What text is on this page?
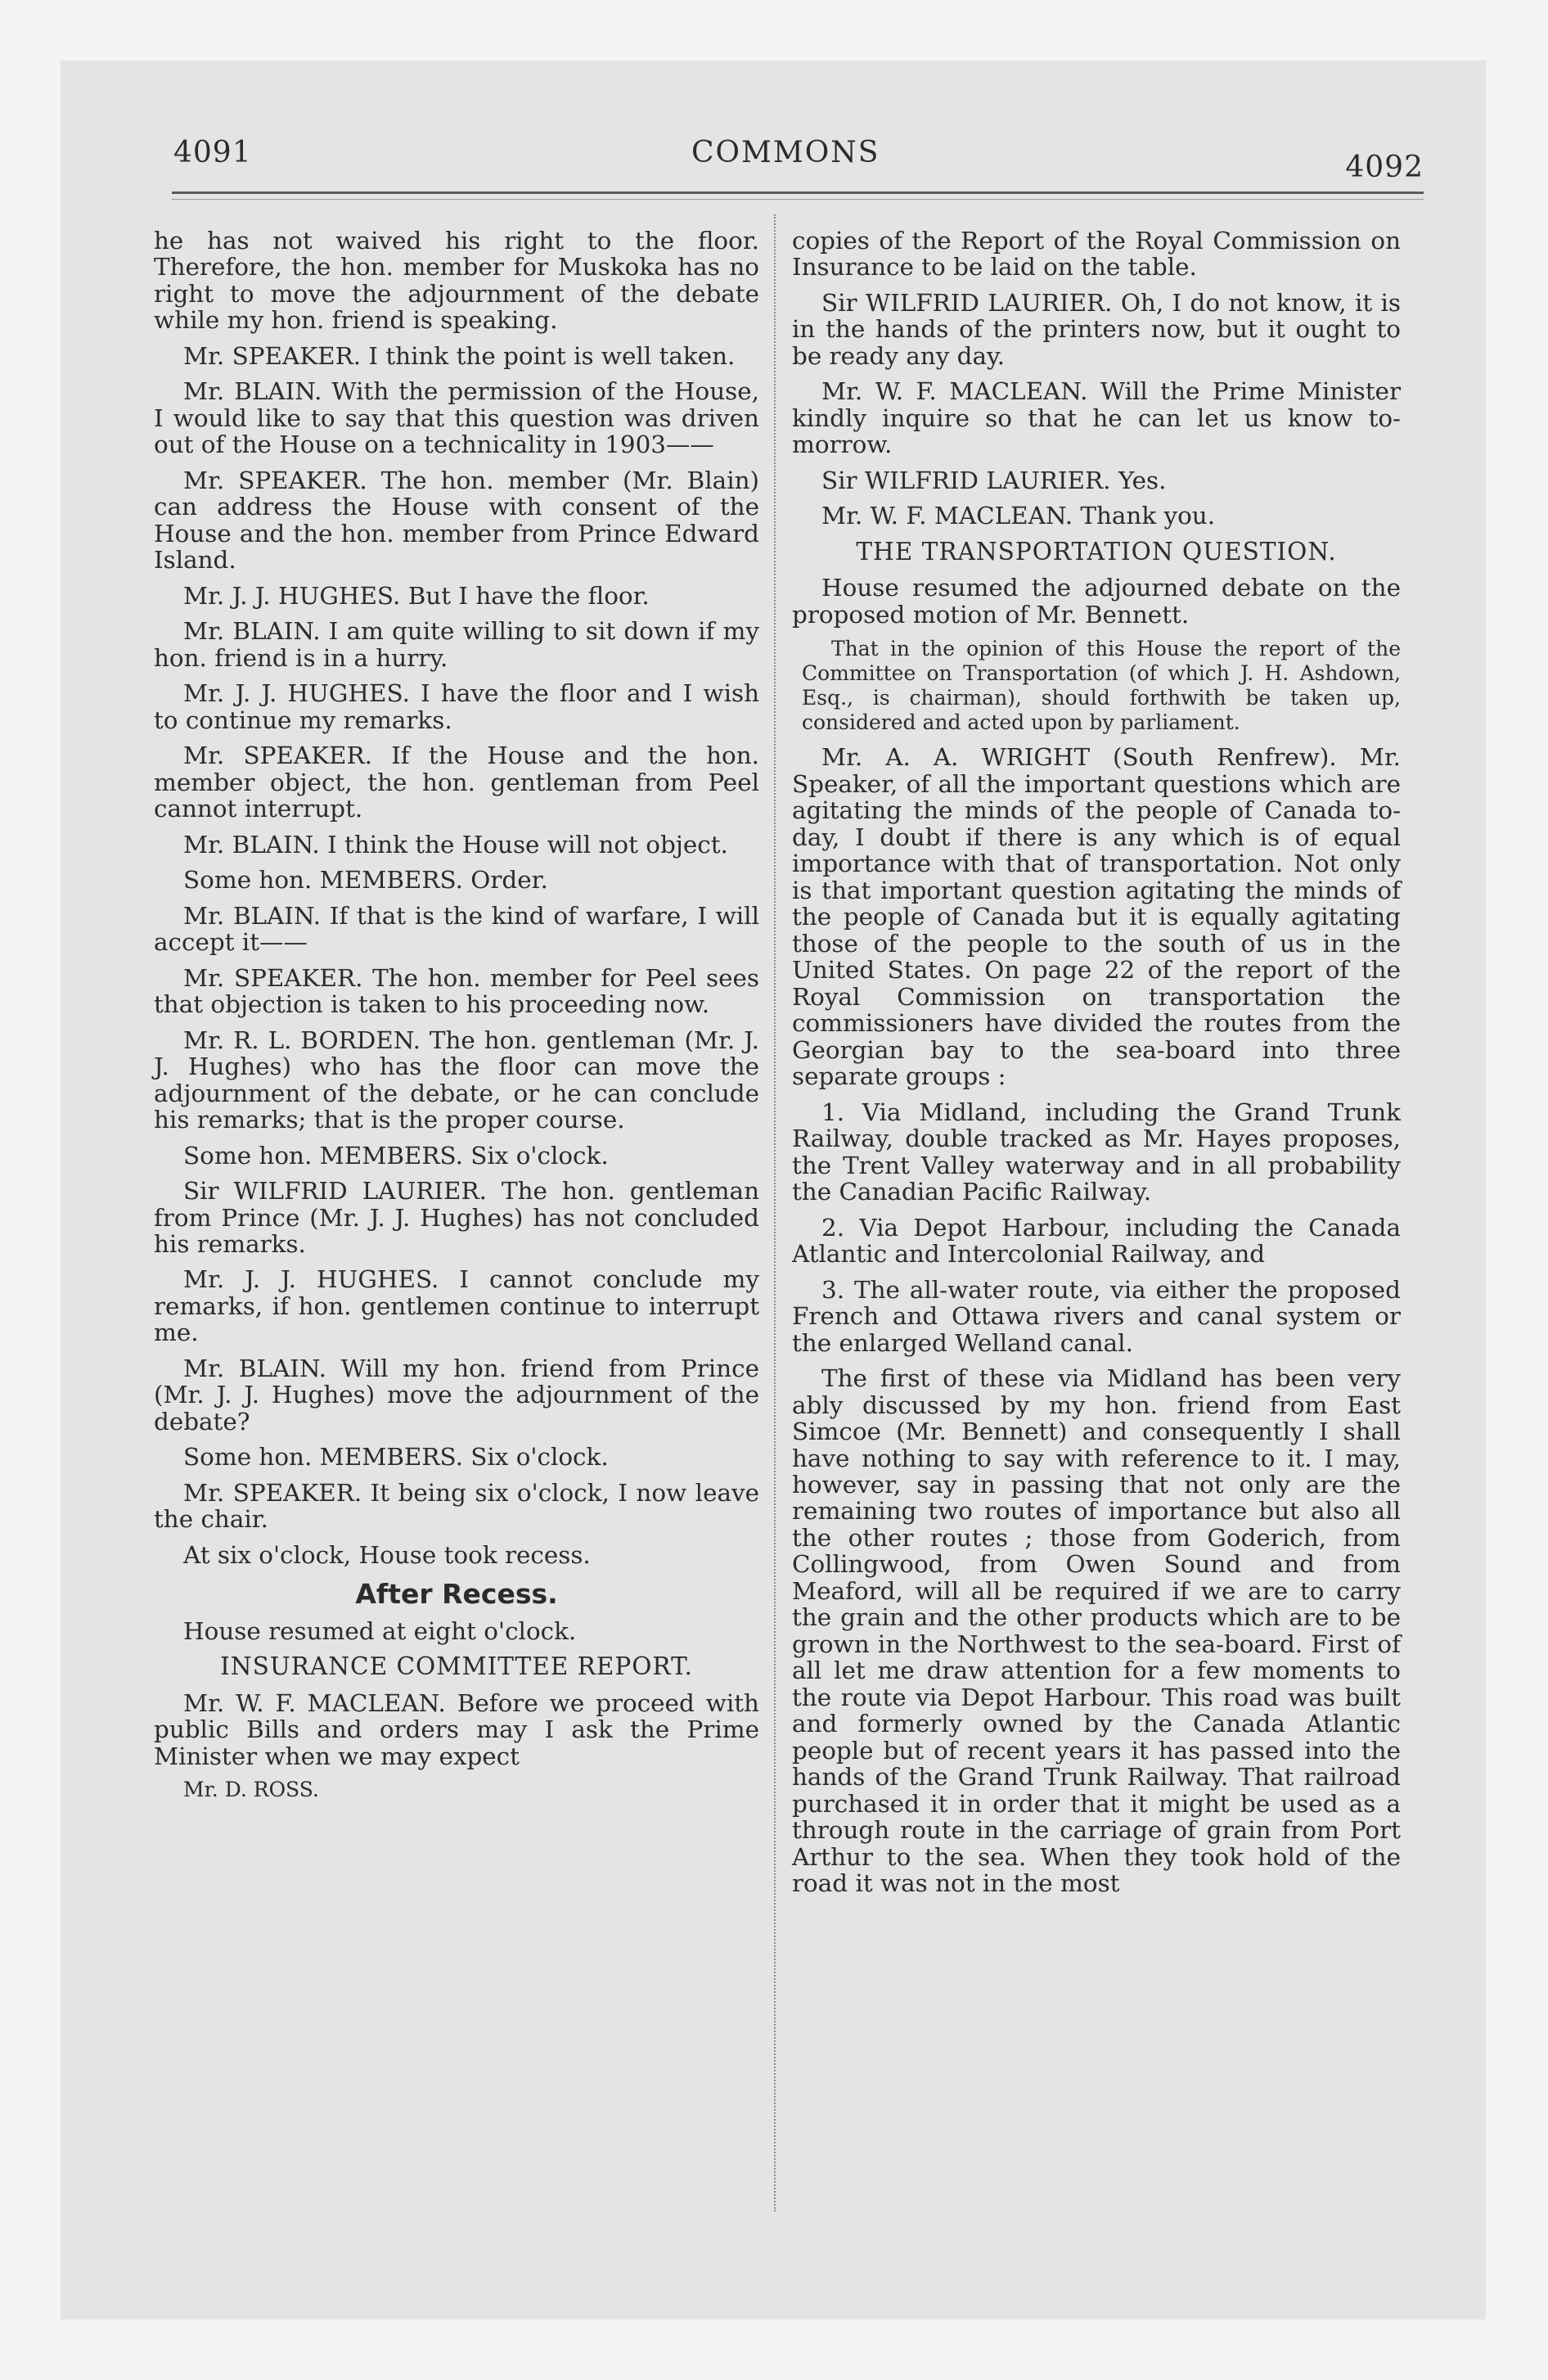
4091	COMMONS	4092

he has not waived his right to the floor. Therefore, the hon. member for Muskoka has no right to move the adjournment of the debate while my hon. friend is speaking.

Mr. SPEAKER. I think the point is well taken.

Mr. BLAIN. With the permission of the House, I would like to say that this question was driven out of the House on a technicality in 1903——

Mr. SPEAKER. The hon. member (Mr. Blain) can address the House with consent of the House and the hon. member from Prince Edward Island.

Mr. J. J. HUGHES. But I have the floor.

Mr. BLAIN. I am quite willing to sit down if my hon. friend is in a hurry.

Mr. J. J. HUGHES. I have the floor and I wish to continue my remarks.

Mr. SPEAKER. If the House and the hon. member object, the hon. gentleman from Peel cannot interrupt.

Mr. BLAIN. I think the House will not object.

Some hon. MEMBERS. Order.

Mr. BLAIN. If that is the kind of warfare, I will accept it——

Mr. SPEAKER. The hon. member for Peel sees that objection is taken to his proceeding now.

Mr. R. L. BORDEN. The hon. gentleman (Mr. J. J. Hughes) who has the floor can move the adjournment of the debate, or he can conclude his remarks; that is the proper course.

Some hon. MEMBERS. Six o'clock.

Sir WILFRID LAURIER. The hon. gentleman from Prince (Mr. J. J. Hughes) has not concluded his remarks.

Mr. J. J. HUGHES. I cannot conclude my remarks, if hon. gentlemen continue to interrupt me.

Mr. BLAIN. Will my hon. friend from Prince (Mr. J. J. Hughes) move the adjournment of the debate?

Some hon. MEMBERS. Six o'clock.

Mr. SPEAKER. It being six o'clock, I now leave the chair.

At six o'clock, House took recess.

After Recess.

House resumed at eight o'clock.

INSURANCE COMMITTEE REPORT.

Mr. W. F. MACLEAN. Before we proceed with public Bills and orders may I ask the Prime Minister when we may expect

Mr. D. ROSS.

copies of the Report of the Royal Commission on Insurance to be laid on the table.

Sir WILFRID LAURIER. Oh, I do not know, it is in the hands of the printers now, but it ought to be ready any day.

Mr. W. F. MACLEAN. Will the Prime Minister kindly inquire so that he can let us know to-morrow.

Sir WILFRID LAURIER. Yes.

Mr. W. F. MACLEAN. Thank you.

THE TRANSPORTATION QUESTION.

House resumed the adjourned debate on the proposed motion of Mr. Bennett.

That in the opinion of this House the report of the Committee on Transportation (of which J. H. Ashdown, Esq., is chairman), should forthwith be taken up, considered and acted upon by parliament.

Mr. A. A. WRIGHT (South Renfrew). Mr. Speaker, of all the important questions which are agitating the minds of the people of Canada to-day, I doubt if there is any which is of equal importance with that of transportation. Not only is that important question agitating the minds of the people of Canada but it is equally agitating those of the people to the south of us in the United States. On page 22 of the report of the Royal Commission on transportation the commissioners have divided the routes from the Georgian bay to the sea-board into three separate groups :

1. Via Midland, including the Grand Trunk Railway, double tracked as Mr. Hayes proposes, the Trent Valley waterway and in all probability the Canadian Pacific Railway.

2. Via Depot Harbour, including the Canada Atlantic and Intercolonial Railway, and

3. The all-water route, via either the proposed French and Ottawa rivers and canal system or the enlarged Welland canal.

The first of these via Midland has been very ably discussed by my hon. friend from East Simcoe (Mr. Bennett) and consequently I shall have nothing to say with reference to it. I may, however, say in passing that not only are the remaining two routes of importance but also all the other routes ; those from Goderich, from Collingwood, from Owen Sound and from Meaford, will all be required if we are to carry the grain and the other products which are to be grown in the Northwest to the sea-board. First of all let me draw attention for a few moments to the route via Depot Harbour. This road was built and formerly owned by the Canada Atlantic people but of recent years it has passed into the hands of the Grand Trunk Railway. That railroad purchased it in order that it might be used as a through route in the carriage of grain from Port Arthur to the sea. When they took hold of the road it was not in the most
